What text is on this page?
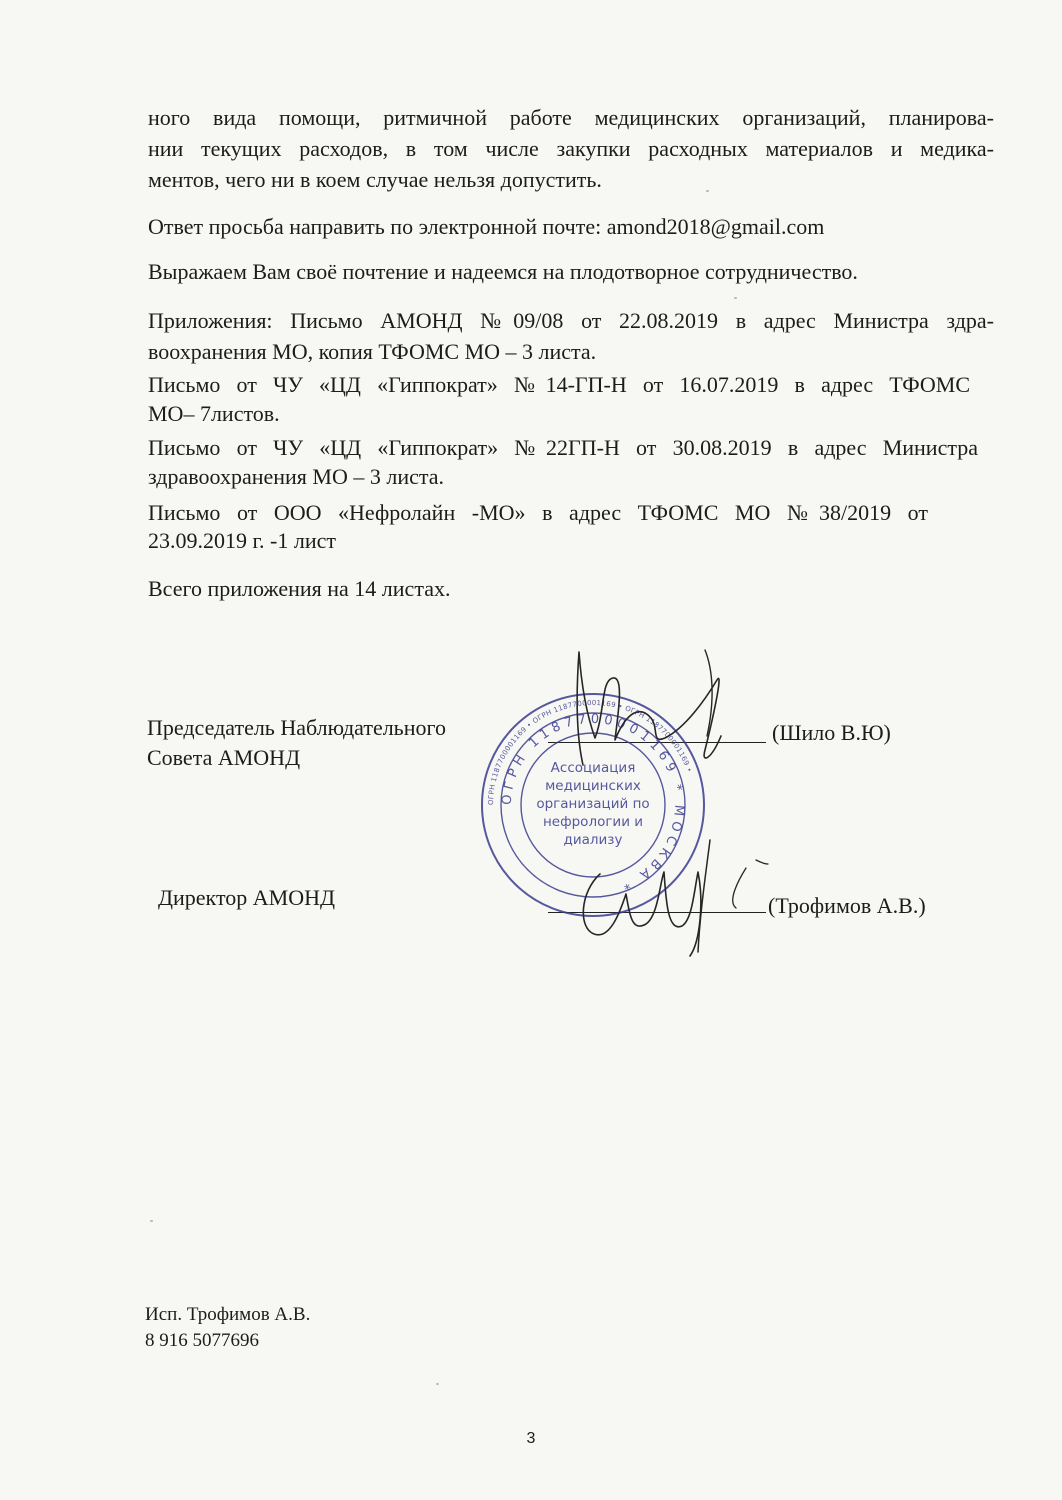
ного вида помощи, ритмичной работе медицинских организаций, планирова-
нии текущих расходов, в том числе закупки расходных материалов и медика-
ментов, чего ни в коем случае нельзя допустить.
Ответ просьба направить по электронной почте: amond2018@gmail.com
Выражаем Вам своё почтение и надеемся на плодотворное сотрудничество.
Приложения: Письмо АМОНД №09/08 от 22.08.2019 в адрес Министра здра-
воохранения МО, копия ТФОМС МО – 3 листа.
Письмо от ЧУ «ЦД «Гиппократ» №14-ГП-Н от 16.07.2019 в адрес ТФОМС
МО– 7листов.
Письмо от ЧУ «ЦД «Гиппократ» №22ГП-Н от 30.08.2019 в адрес Министра
здравоохранения МО – 3 листа.
Письмо от ООО «Нефролайн -МО» в адрес ТФОМС МО №38/2019 от
23.09.2019 г. -1 лист
Всего приложения на 14 листах.
Председатель Наблюдательного
Совета АМОНД
(Шило В.Ю)
Директор АМОНД	(Трофимов А.В.)
ОГРН 1187700001169 • ОГРН 1187700001169 • ОГРН 1187700001169 •
ОГРН 1187700001169 * МОСКВА *
Ассоциация
медицинских
организаций по
нефрологии и
диализу
Исп. Трофимов А.В.
8 916 5077696
3
